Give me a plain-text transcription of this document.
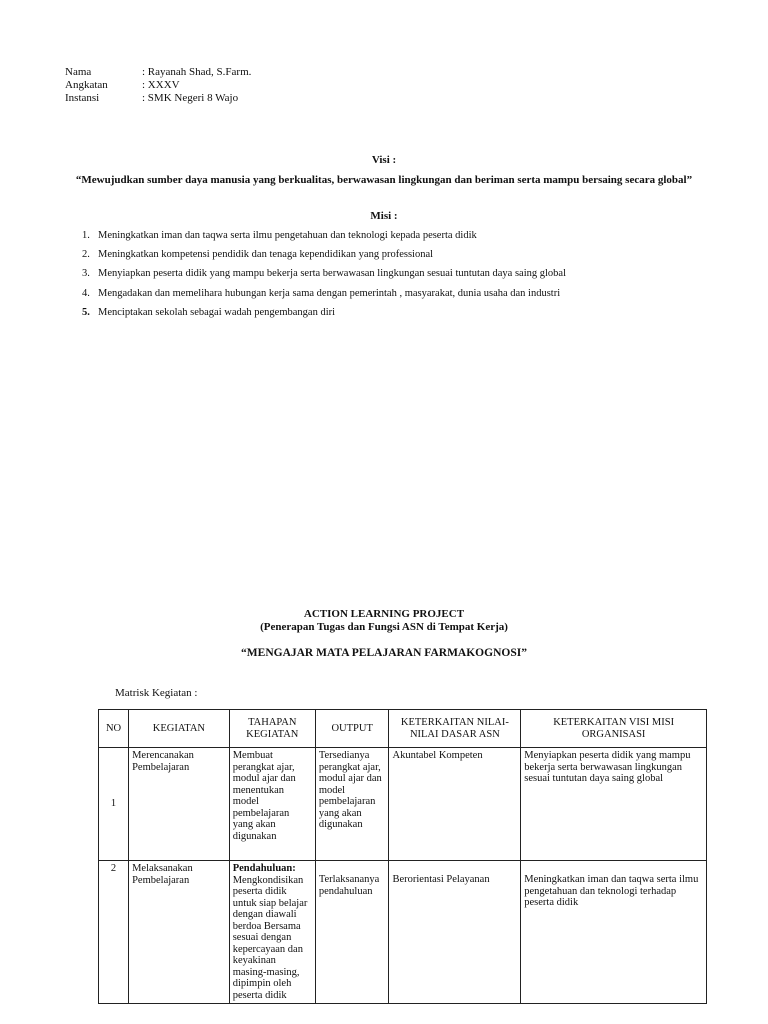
Nama	: Rayanah Shad, S.Farm.
Angkatan	: XXXV
Instansi	: SMK Negeri 8 Wajo
Visi :
“Mewujudkan sumber daya manusia yang berkualitas, berwawasan lingkungan dan beriman serta mampu bersaing secara global”
Misi :
1. Meningkatkan iman dan taqwa serta ilmu pengetahuan dan teknologi kepada peserta didik
2. Meningkatkan kompetensi pendidik dan tenaga kependidikan yang professional
3. Menyiapkan peserta didik yang mampu bekerja serta berwawasan lingkungan sesuai tuntutan daya saing global
4. Mengadakan dan memelihara hubungan kerja sama dengan pemerintah , masyarakat, dunia usaha dan industri
5. Menciptakan sekolah sebagai wadah pengembangan diri
ACTION LEARNING PROJECT
(Penerapan Tugas dan Fungsi ASN di Tempat Kerja)
“MENGAJAR MATA PELAJARAN FARMAKOGNOSI”
Matrisk Kegiatan :
NO	KEGIATAN	TAHAPAN KEGIATAN	OUTPUT	KETERKAITAN NILAI-NILAI DASAR ASN	KETERKAITAN VISI MISI ORGANISASI
1	Merencanakan Pembelajaran	Membuat perangkat ajar, modul ajar dan menentukan model pembelajaran yang akan digunakan	Tersedianya perangkat ajar, modul ajar dan model pembelajaran yang akan digunakan	Akuntabel Kompeten	Menyiapkan peserta didik yang mampu bekerja serta berwawasan lingkungan sesuai tuntutan daya saing global
2	Melaksanakan Pembelajaran	Pendahuluan:
Mengkondisikan peserta didik untuk siap belajar dengan diawali berdoa Bersama sesuai dengan kepercayaan dan keyakinan masing-masing, dipimpin oleh peserta didik	Terlaksananya pendahuluan	Berorientasi Pelayanan	Meningkatkan iman dan taqwa serta ilmu pengetahuan dan teknologi terhadap peserta didik
